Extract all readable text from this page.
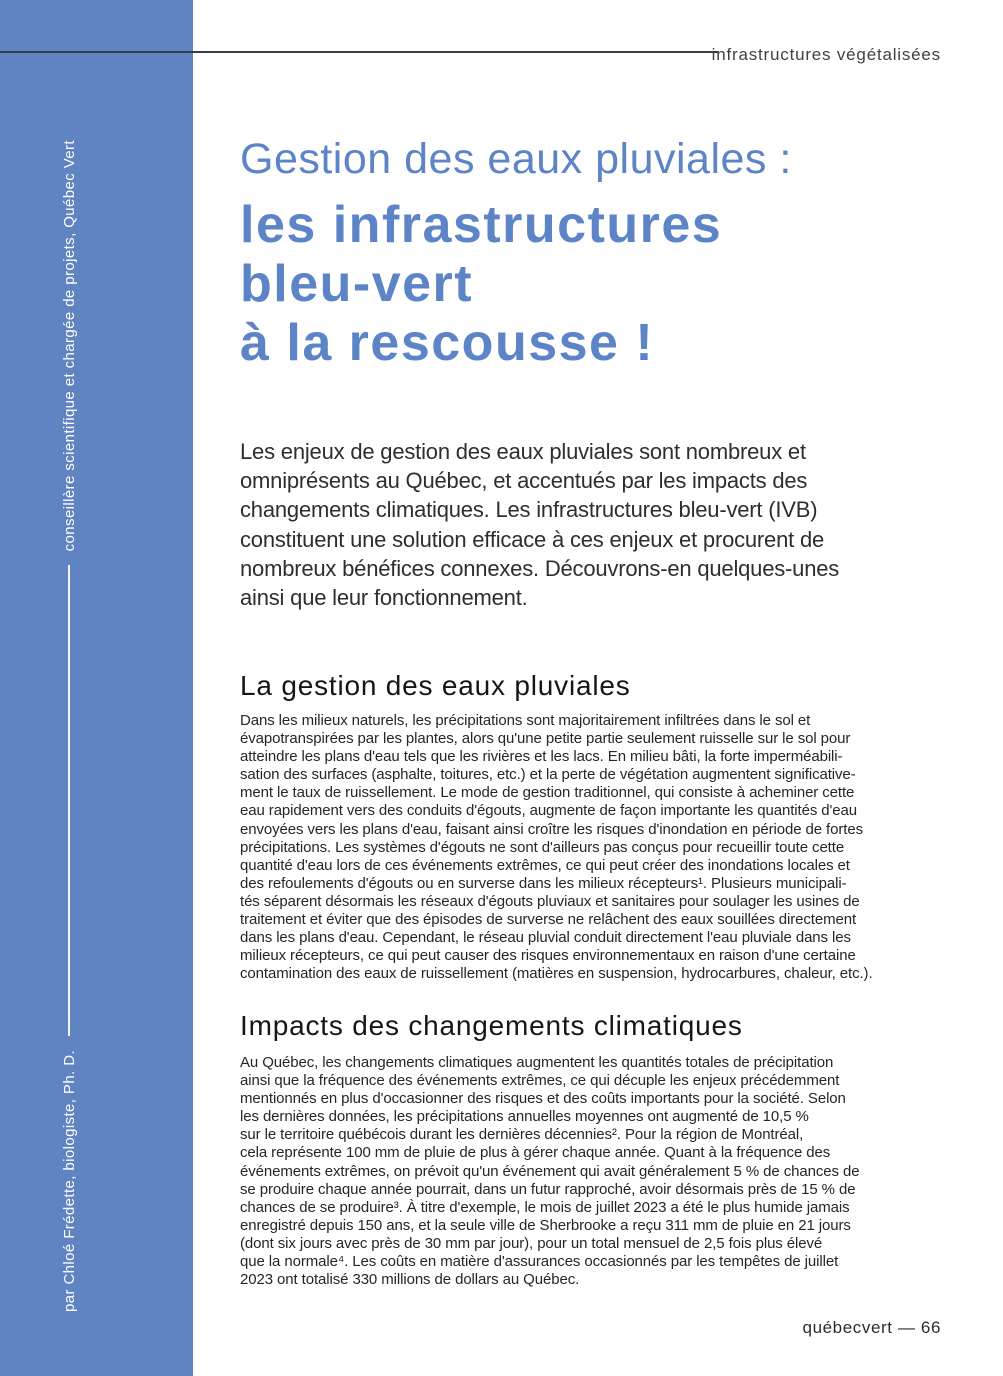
par Chloé Frédette, biologiste, Ph. D.
conseillère scientifique et chargée de projets, Québec Vert
infrastructures végétalisées
Gestion des eaux pluviales :
les infrastructures
bleu-vert
à la rescousse !
Les enjeux de gestion des eaux pluviales sont nombreux et
omniprésents au Québec, et accentués par les impacts des
changements climatiques. Les infrastructures bleu-vert (IVB)
constituent une solution efficace à ces enjeux et procurent de
nombreux bénéfices connexes. Découvrons-en quelques-unes
ainsi que leur fonctionnement.
La gestion des eaux pluviales
Dans les milieux naturels, les précipitations sont majoritairement infiltrées dans le sol et
évapotranspirées par les plantes, alors qu'une petite partie seulement ruisselle sur le sol pour
atteindre les plans d'eau tels que les rivières et les lacs. En milieu bâti, la forte imperméabili-
sation des surfaces (asphalte, toitures, etc.) et la perte de végétation augmentent significative-
ment le taux de ruissellement. Le mode de gestion traditionnel, qui consiste à acheminer cette
eau rapidement vers des conduits d'égouts, augmente de façon importante les quantités d'eau
envoyées vers les plans d'eau, faisant ainsi croître les risques d'inondation en période de fortes
précipitations. Les systèmes d'égouts ne sont d'ailleurs pas conçus pour recueillir toute cette
quantité d'eau lors de ces événements extrêmes, ce qui peut créer des inondations locales et
des refoulements d'égouts ou en surverse dans les milieux récepteurs¹. Plusieurs municipali-
tés séparent désormais les réseaux d'égouts pluviaux et sanitaires pour soulager les usines de
traitement et éviter que des épisodes de surverse ne relâchent des eaux souillées directement
dans les plans d'eau. Cependant, le réseau pluvial conduit directement l'eau pluviale dans les
milieux récepteurs, ce qui peut causer des risques environnementaux en raison d'une certaine
contamination des eaux de ruissellement (matières en suspension, hydrocarbures, chaleur, etc.).
Impacts des changements climatiques
Au Québec, les changements climatiques augmentent les quantités totales de précipitation
ainsi que la fréquence des événements extrêmes, ce qui décuple les enjeux précédemment
mentionnés en plus d'occasionner des risques et des coûts importants pour la société. Selon
les dernières données, les précipitations annuelles moyennes ont augmenté de 10,5 %
sur le territoire québécois durant les dernières décennies². Pour la région de Montréal,
cela représente 100 mm de pluie de plus à gérer chaque année. Quant à la fréquence des
événements extrêmes, on prévoit qu'un événement qui avait généralement 5 % de chances de
se produire chaque année pourrait, dans un futur rapproché, avoir désormais près de 15 % de
chances de se produire³. À titre d'exemple, le mois de juillet 2023 a été le plus humide jamais
enregistré depuis 150 ans, et la seule ville de Sherbrooke a reçu 311 mm de pluie en 21 jours
(dont six jours avec près de 30 mm par jour), pour un total mensuel de 2,5 fois plus élevé
que la normale⁴. Les coûts en matière d'assurances occasionnés par les tempêtes de juillet
2023 ont totalisé 330 millions de dollars au Québec.
québecvert — 66
